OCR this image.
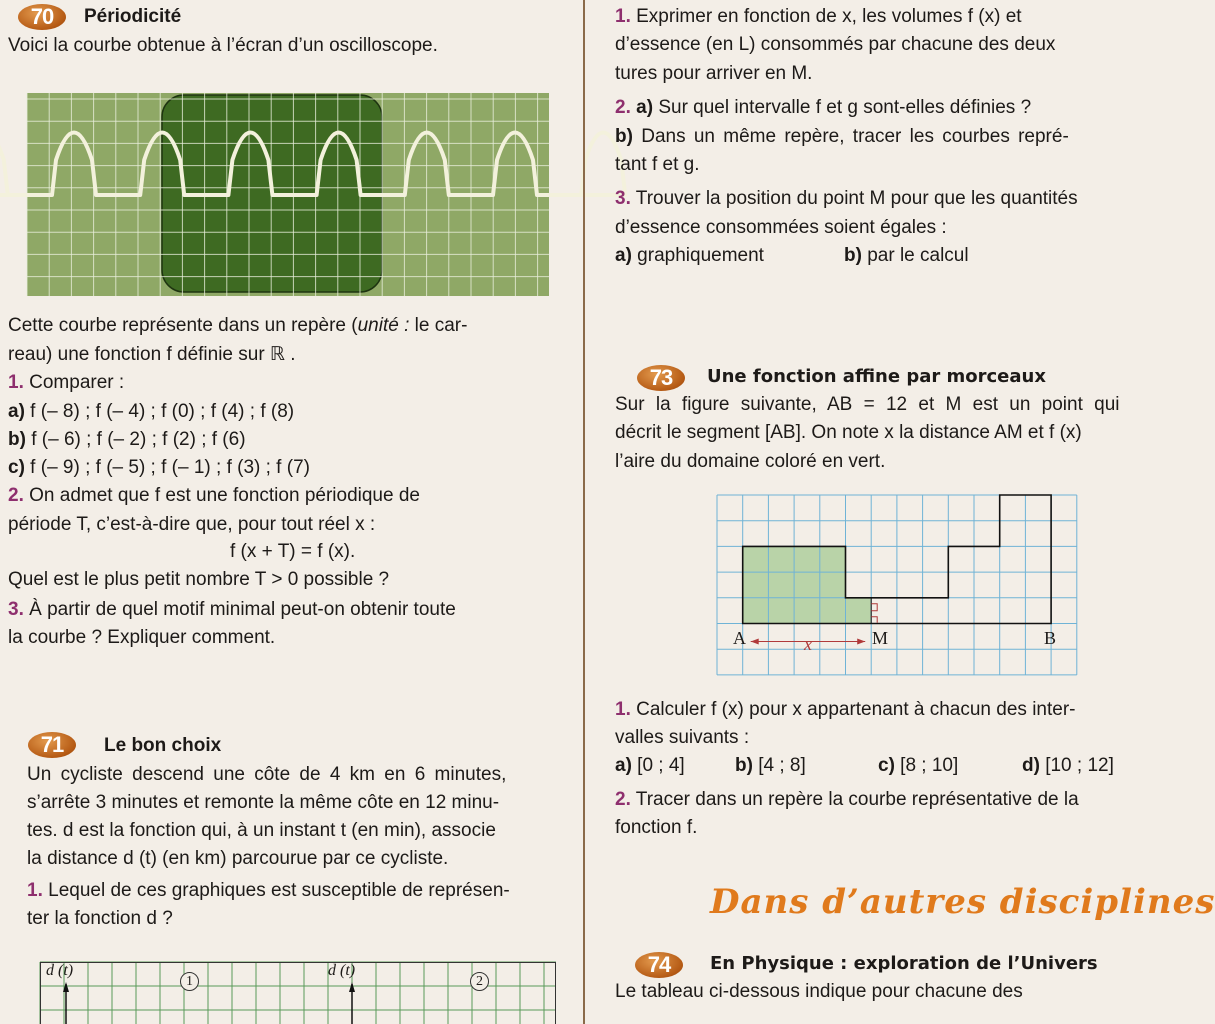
70	Périodicité
Voici la courbe obtenue à l’écran d’un oscilloscope.
Cette courbe représente dans un repère (unité : le car-
reau) une fonction f définie sur ℝ .
1. Comparer :
a) f (– 8) ; f (– 4) ; f (0) ; f (4) ; f (8)
b) f (– 6) ; f (– 2) ; f (2) ; f (6)
c) f (– 9) ; f (– 5) ; f (– 1) ; f (3) ; f (7)
2. On admet que f est une fonction périodique de
période T, c’est-à-dire que, pour tout réel x :
f (x + T) = f (x).
Quel est le plus petit nombre T > 0 possible ?
3. À partir de quel motif minimal peut-on obtenir toute
la courbe ? Expliquer comment.
71	Le bon choix
Un cycliste descend une côte de 4 km en 6 minutes,
s’arrête 3 minutes et remonte la même côte en 12 minu-
tes. d est la fonction qui, à un instant t (en min), associe
la distance d (t) (en km) parcourue par ce cycliste.
1. Lequel de ces graphiques est susceptible de représen-
ter la fonction d ?
d (t)
1
d (t)
2
1. Exprimer en fonction de x, les volumes f (x) et
d’essence (en L) consommés par chacune des deux
tures pour arriver en M.
2. a) Sur quel intervalle f et g sont-elles définies ?
b) Dans un même repère, tracer les courbes repré-
tant f et g.
3. Trouver la position du point M pour que les quantités
d’essence consommées soient égales :
a) graphiquement	b) par le calcul
73	Une fonction affine par morceaux
Sur la figure suivante, AB = 12 et M est un point qui
décrit le segment [AB]. On note x la distance AM et f (x)
l’aire du domaine coloré en vert.
A	M	B
x
1. Calculer f (x) pour x appartenant à chacun des inter-
valles suivants :
a) [0 ; 4]	b) [4 ; 8]	c) [8 ; 10]	d) [10 ; 12]
2. Tracer dans un repère la courbe représentative de la
fonction f.
Dans d’autres disciplines
74	En Physique : exploration de l’Univers
Le tableau ci-dessous indique pour chacune des
